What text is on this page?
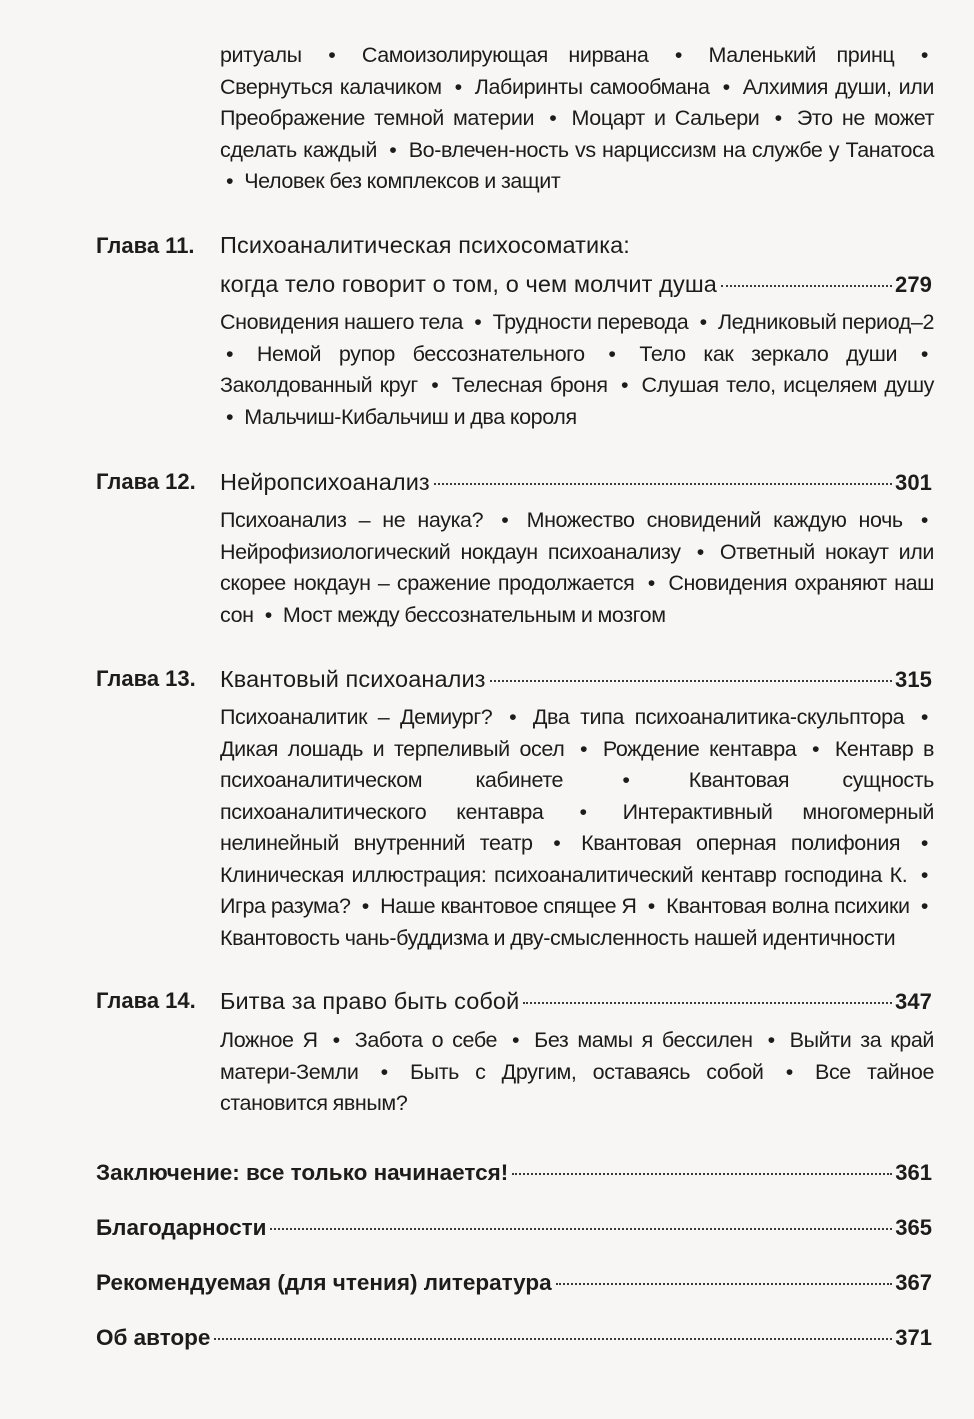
ритуалы • Самоизолирующая нирвана • Маленький принц • Свернуться калачиком • Лабиринты самообмана • Алхимия души, или Преображение темной материи • Моцарт и Сальери • Это не может сделать каждый • Во-влечен-ность vs нарциссизм на службе у Танатоса • Человек без комплексов и защит
Глава 11. Психоаналитическая психосоматика:
когда тело говорит о том, о чем молчит душа	279
Сновидения нашего тела • Трудности перевода • Ледниковый период–2 • Немой рупор бессознательного • Тело как зеркало души • Заколдованный круг • Телесная броня • Слушая тело, исцеляем душу • Мальчиш-Кибальчиш и два короля
Глава 12. Нейропсихоанализ	301
Психоанализ – не наука? • Множество сновидений каждую ночь • Нейрофизиологический нокдаун психоанализу • Ответный нокаут или скорее нокдаун – сражение продолжается • Сновидения охраняют наш сон • Мост между бессознательным и мозгом
Глава 13. Квантовый психоанализ	315
Психоаналитик – Демиург? • Два типа психоаналитика-скульптора • Дикая лошадь и терпеливый осел • Рождение кентавра • Кентавр в психоаналитическом кабинете	•	Квантовая сущность психоаналитического кентавра • Интерактивный многомерный нелинейный внутренний театр • Квантовая оперная полифония • Клиническая иллюстрация: психоаналитический кентавр господина К. • Игра разума? • Наше квантовое спящее Я • Квантовая волна психики • Квантовость чань-буддизма и дву-смысленность нашей идентичности
Глава 14. Битва за право быть собой	347
Ложное Я • Забота о себе • Без мамы я бессилен • Выйти за край матери-Земли • Быть с Другим, оставаясь собой • Все тайное становится явным?
Заключение: все только начинается!	361
Благодарности	365
Рекомендуемая (для чтения) литература	367
Об авторе	371
